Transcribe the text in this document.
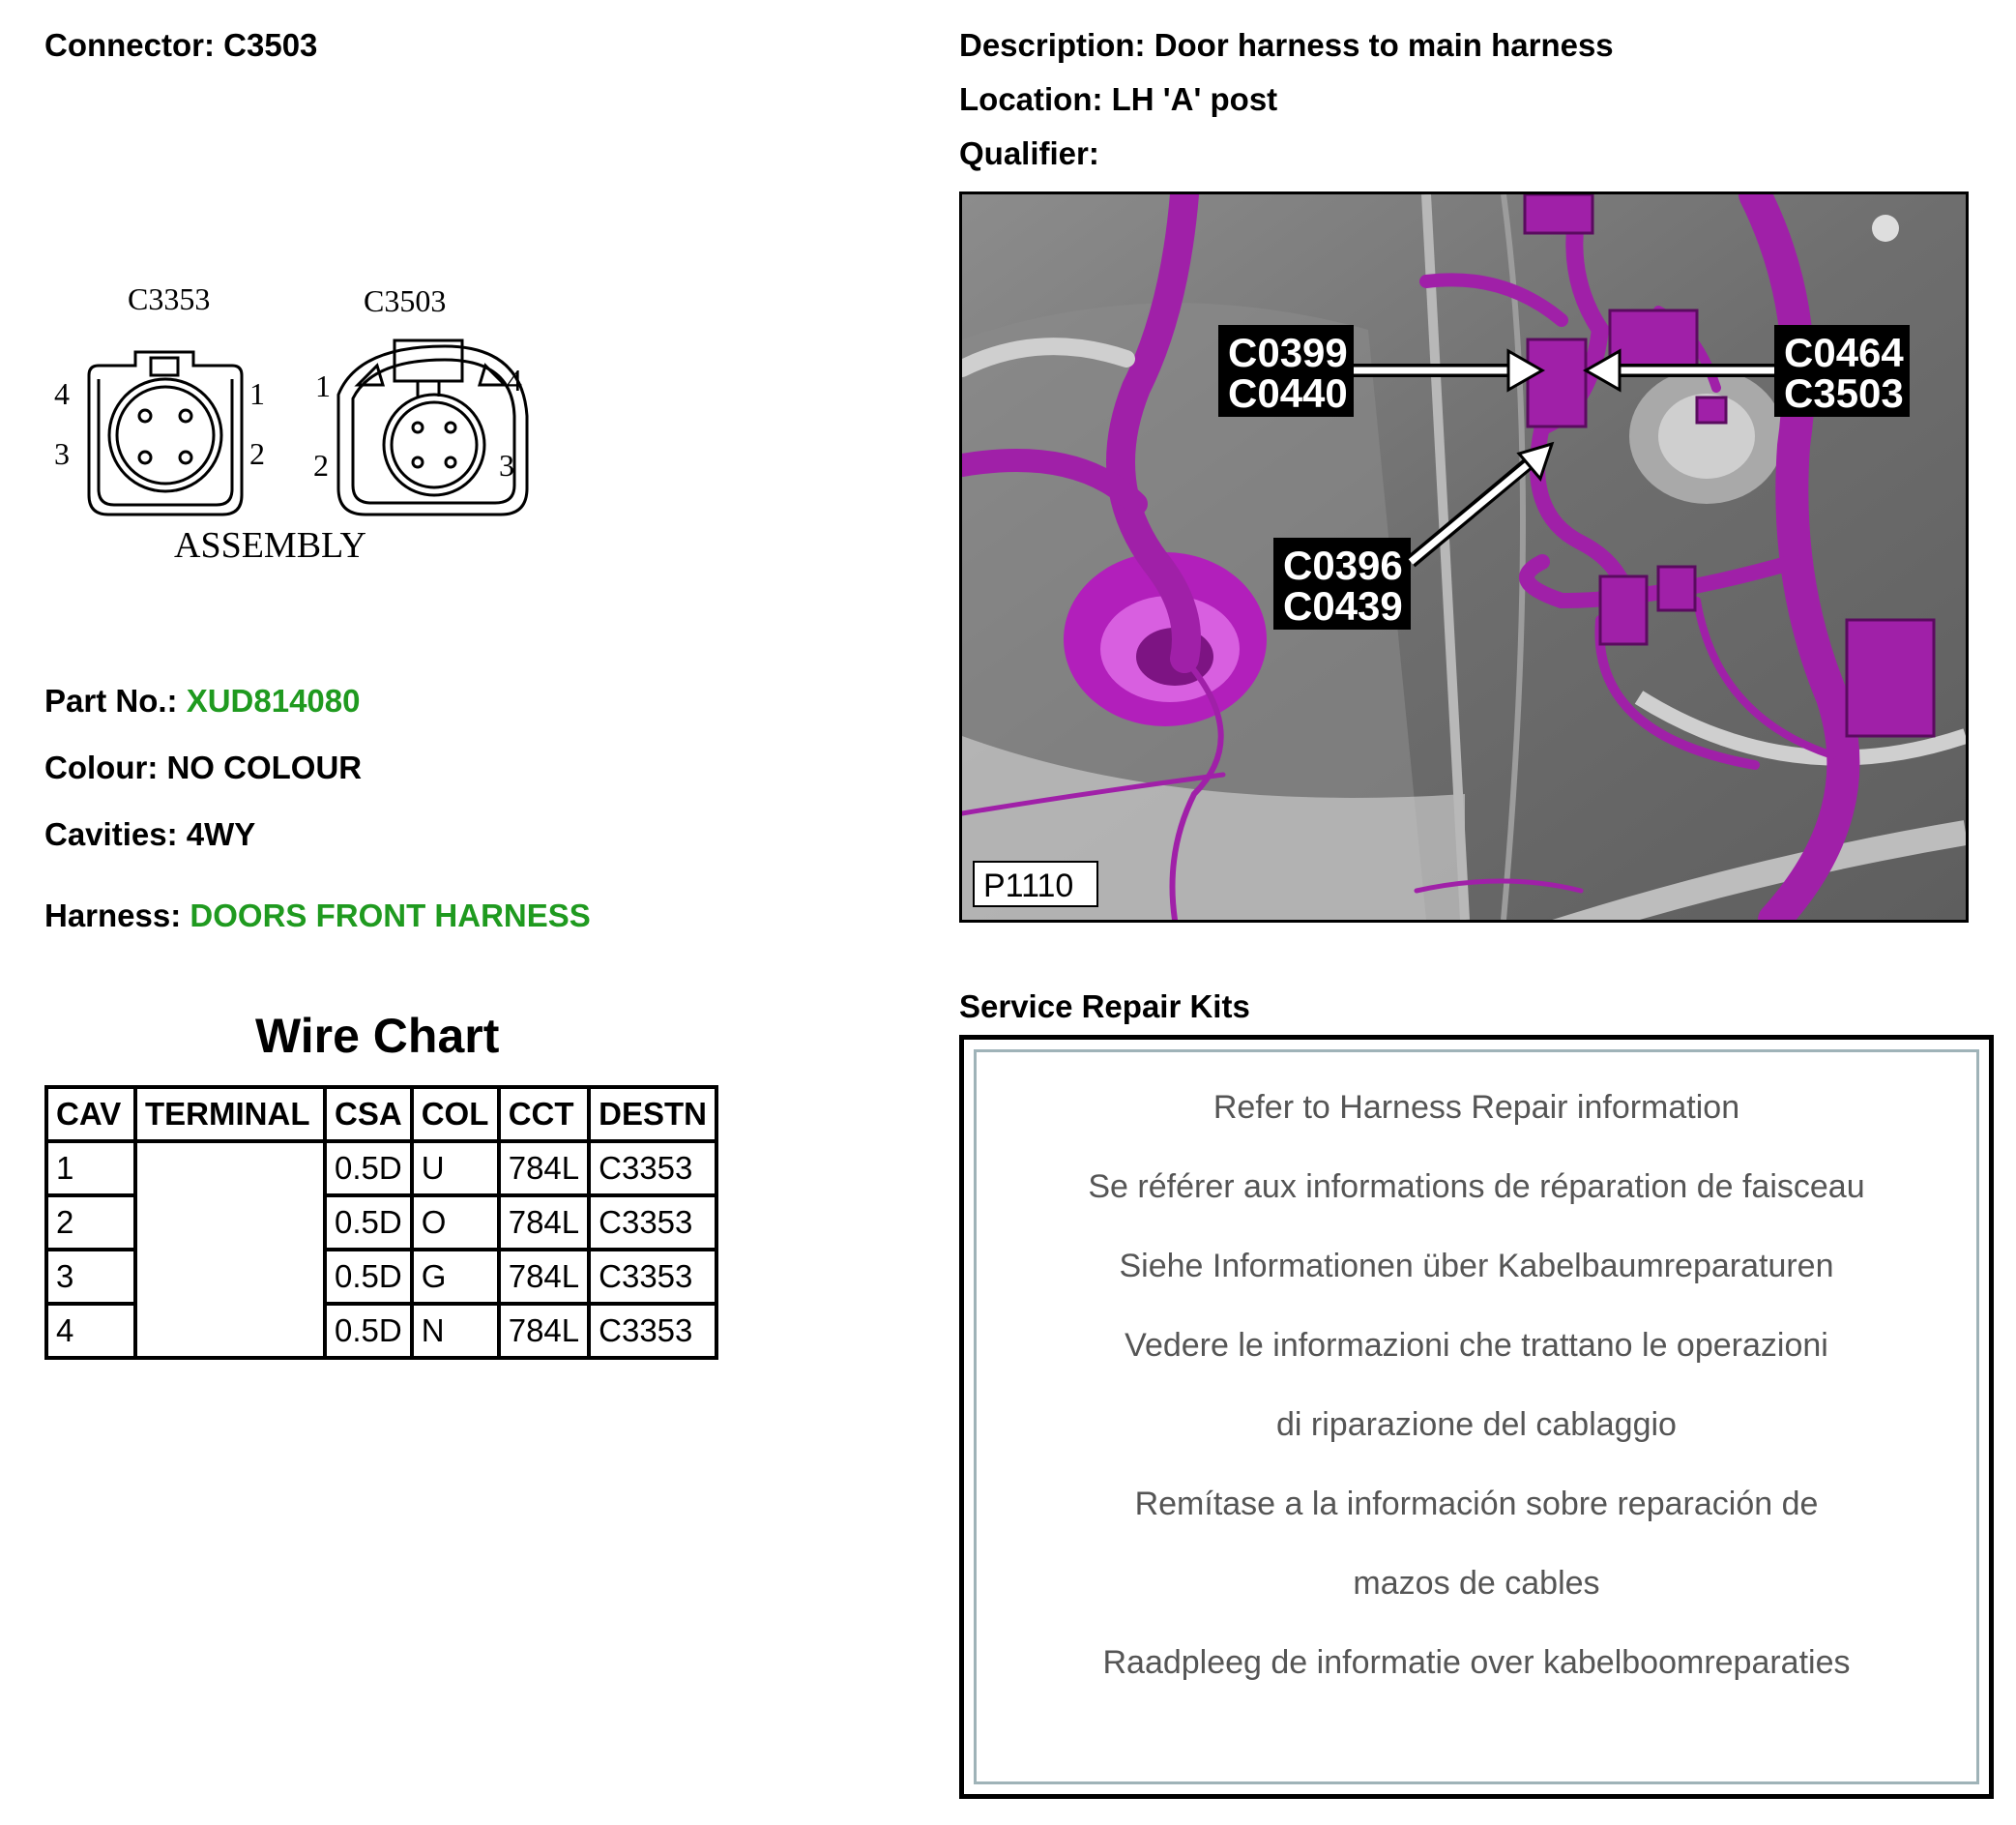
Connector: C3503
C3353	C3503
4	1
3	2
1	4
2	3
ASSEMBLY
Part No.: XUD814080
Colour: NO COLOUR
Cavities: 4WY
Harness: DOORS FRONT HARNESS
Wire Chart
CAV	TERMINAL	CSA	COL	CCT	DESTN
1		0.5D	U	784L	C3353
2		0.5D	O	784L	C3353
3		0.5D	G	784L	C3353
4		0.5D	N	784L	C3353
Description: Door harness to main harness
Location: LH 'A' post
Qualifier:
C0399
C0440
C0464
C3503
C0396
C0439
P1110
Service Repair Kits
Refer to Harness Repair information
Se référer aux informations de réparation de faisceau
Siehe Informationen über Kabelbaumreparaturen
Vedere le informazioni che trattano le operazioni
di riparazione del cablaggio
Remítase a la información sobre reparación de
mazos de cables
Raadpleeg de informatie over kabelboomreparaties
